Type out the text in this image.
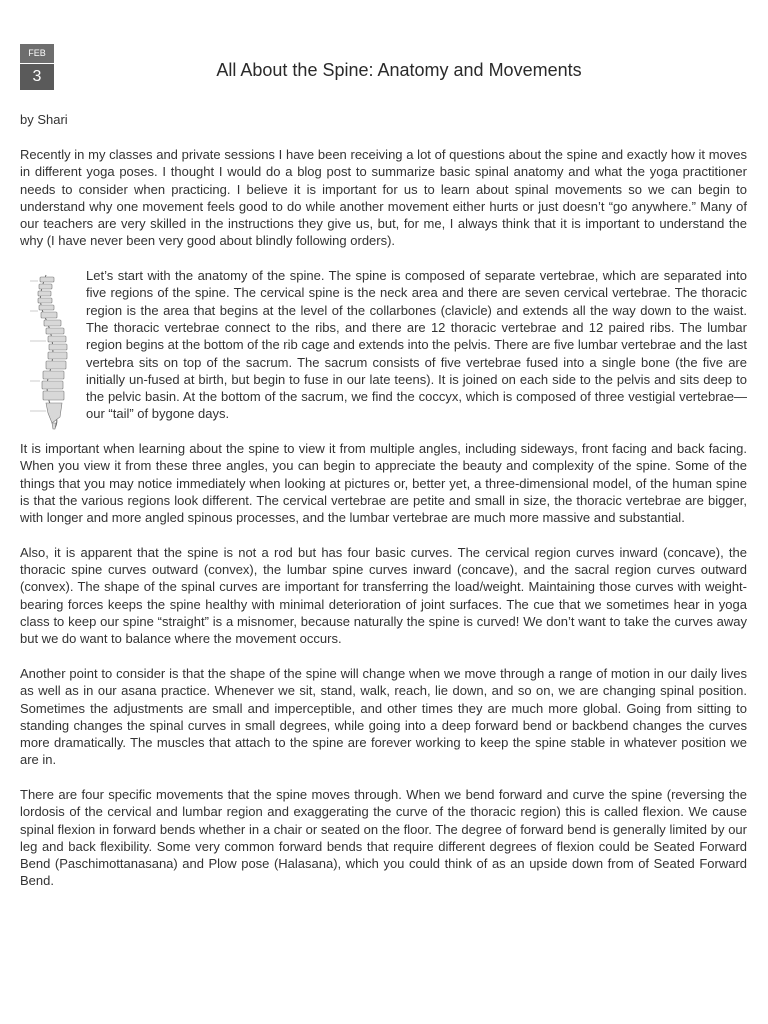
FEB
3	All About the Spine: Anatomy and Movements
by Shari

Recently in my classes and private sessions I have been receiving a lot of questions about the spine and exactly how it moves in different yoga poses. I thought I would do a blog post to summarize basic spinal anatomy and what the yoga practitioner needs to consider when practicing. I believe it is important for us to learn about spinal movements so we can begin to understand why one movement feels good to do while another movement either hurts or just doesn’t “go anywhere.” Many of our teachers are very skilled in the instructions they give us, but, for me, I always think that it is important to understand the why (I have never been very good about blindly following orders).

Let’s start with the anatomy of the spine. The spine is composed of separate vertebrae, which are separated into five regions of the spine. The cervical spine is the neck area and there are seven cervical vertebrae. The thoracic region is the area that begins at the level of the collarbones (clavicle) and extends all the way down to the waist. The thoracic vertebrae connect to the ribs, and there are 12 thoracic vertebrae and 12 paired ribs. The lumbar region begins at the bottom of the rib cage and extends into the pelvis. There are five lumbar vertebrae and the last vertebra sits on top of the sacrum. The sacrum consists of five vertebrae fused into a single bone (the five are initially un-fused at birth, but begin to fuse in our late teens). It is joined on each side to the pelvis and sits deep to the pelvic basin. At the bottom of the sacrum, we find the coccyx, which is composed of three vestigial vertebrae—our “tail” of bygone days.

It is important when learning about the spine to view it from multiple angles, including sideways, front facing and back facing. When you view it from these three angles, you can begin to appreciate the beauty and complexity of the spine. Some of the things that you may notice immediately when looking at pictures or, better yet, a three-dimensional model, of the human spine is that the various regions look different. The cervical vertebrae are petite and small in size, the thoracic vertebrae are bigger, with longer and more angled spinous processes, and the lumbar vertebrae are much more massive and substantial.

Also, it is apparent that the spine is not a rod but has four basic curves. The cervical region curves inward (concave), the thoracic spine curves outward (convex), the lumbar spine curves inward (concave), and the sacral region curves outward (convex). The shape of the spinal curves are important for transferring the load/weight. Maintaining those curves with weight-bearing forces keeps the spine healthy with minimal deterioration of joint surfaces. The cue that we sometimes hear in yoga class to keep our spine “straight” is a misnomer, because naturally the spine is curved! We don’t want to take the curves away but we do want to balance where the movement occurs.

Another point to consider is that the shape of the spine will change when we move through a range of motion in our daily lives as well as in our asana practice. Whenever we sit, stand, walk, reach, lie down, and so on, we are changing spinal position. Sometimes the adjustments are small and imperceptible, and other times they are much more global. Going from sitting to standing changes the spinal curves in small degrees, while going into a deep forward bend or backbend changes the curves more dramatically. The muscles that attach to the spine are forever working to keep the spine stable in whatever position we are in.

There are four specific movements that the spine moves through. When we bend forward and curve the spine (reversing the lordosis of the cervical and lumbar region and exaggerating the curve of the thoracic region) this is called flexion. We cause spinal flexion in forward bends whether in a chair or seated on the floor. The degree of forward bend is generally limited by our leg and back flexibility. Some very common forward bends that require different degrees of flexion could be Seated Forward Bend (Paschimottanasana) and Plow pose (Halasana), which you could think of as an upside down from of Seated Forward Bend.
